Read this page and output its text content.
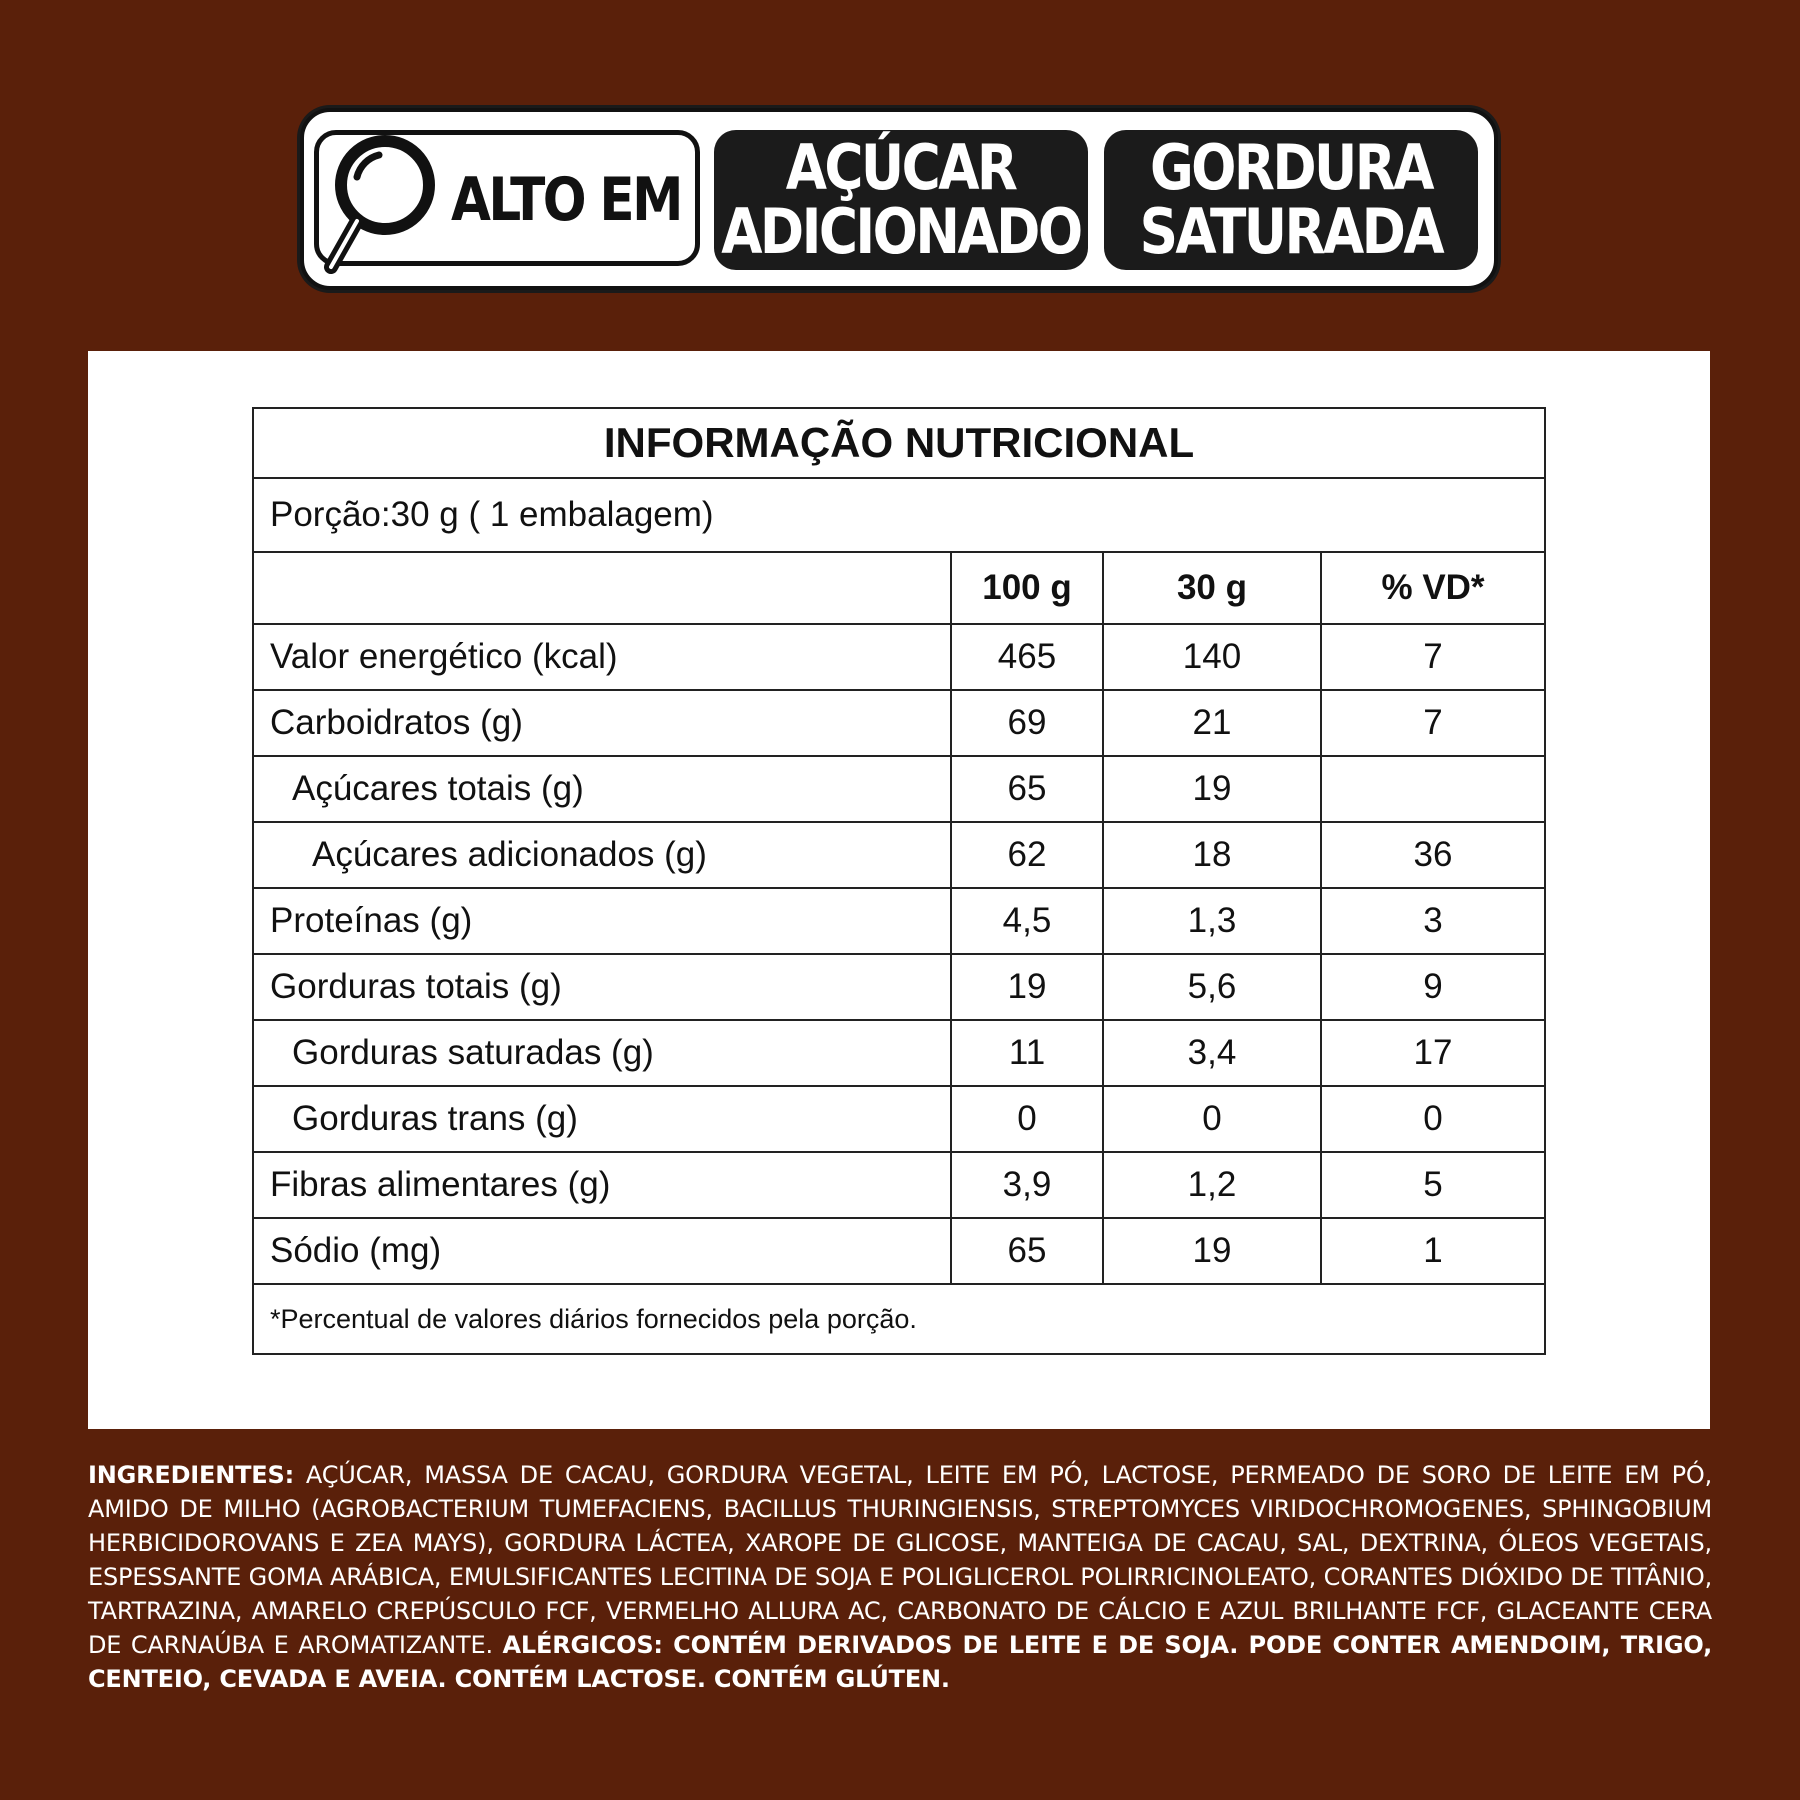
ALTO EM AÇÚCAR
ADICIONADO
GORDURA
SATURADA
INFORMAÇÃO NUTRICIONAL			
Porção:30 g ( 1 embalagem)			
	100 g	30 g	% VD*
Valor energético (kcal)	465	140	7
Carboidratos (g)	69	21	7
Açúcares totais (g)	65	19	
Açúcares adicionados (g)	62	18	36
Proteínas (g)	4,5	1,3	3
Gorduras totais (g)	19	5,6	9
Gorduras saturadas (g)	11	3,4	17
Gorduras trans (g)	0	0	0
Fibras alimentares (g)	3,9	1,2	5
Sódio (mg)	65	19	1
*Percentual de valores diários fornecidos pela porção.			
INGREDIENTES: AÇÚCAR, MASSA DE CACAU, GORDURA VEGETAL, LEITE EM PÓ, LACTOSE, PERMEADO DE SORO DE LEITE EM PÓ, AMIDO DE MILHO (AGROBACTERIUM TUMEFACIENS, BACILLUS THURINGIENSIS, STREPTOMYCES VIRIDOCHROMOGENES, SPHINGOBIUM HERBICIDOROVANS E ZEA MAYS), GORDURA LÁCTEA, XAROPE DE GLICOSE, MANTEIGA DE CACAU, SAL, DEXTRINA, ÓLEOS VEGETAIS, ESPESSANTE GOMA ARÁBICA, EMULSIFICANTES LECITINA DE SOJA E POLIGLICEROL POLIRRICINOLEATO, CORANTES DIÓXIDO DE TITÂNIO, TARTRAZINA, AMARELO CREPÚSCULO FCF, VERMELHO ALLURA AC, CARBONATO DE CÁLCIO E AZUL BRILHANTE FCF, GLACEANTE CERA DE CARNAÚBA E AROMATIZANTE. ALÉRGICOS: CONTÉM DERIVADOS DE LEITE E DE SOJA. PODE CONTER AMENDOIM, TRIGO, CENTEIO, CEVADA E AVEIA. CONTÉM LACTOSE. CONTÉM GLÚTEN.
